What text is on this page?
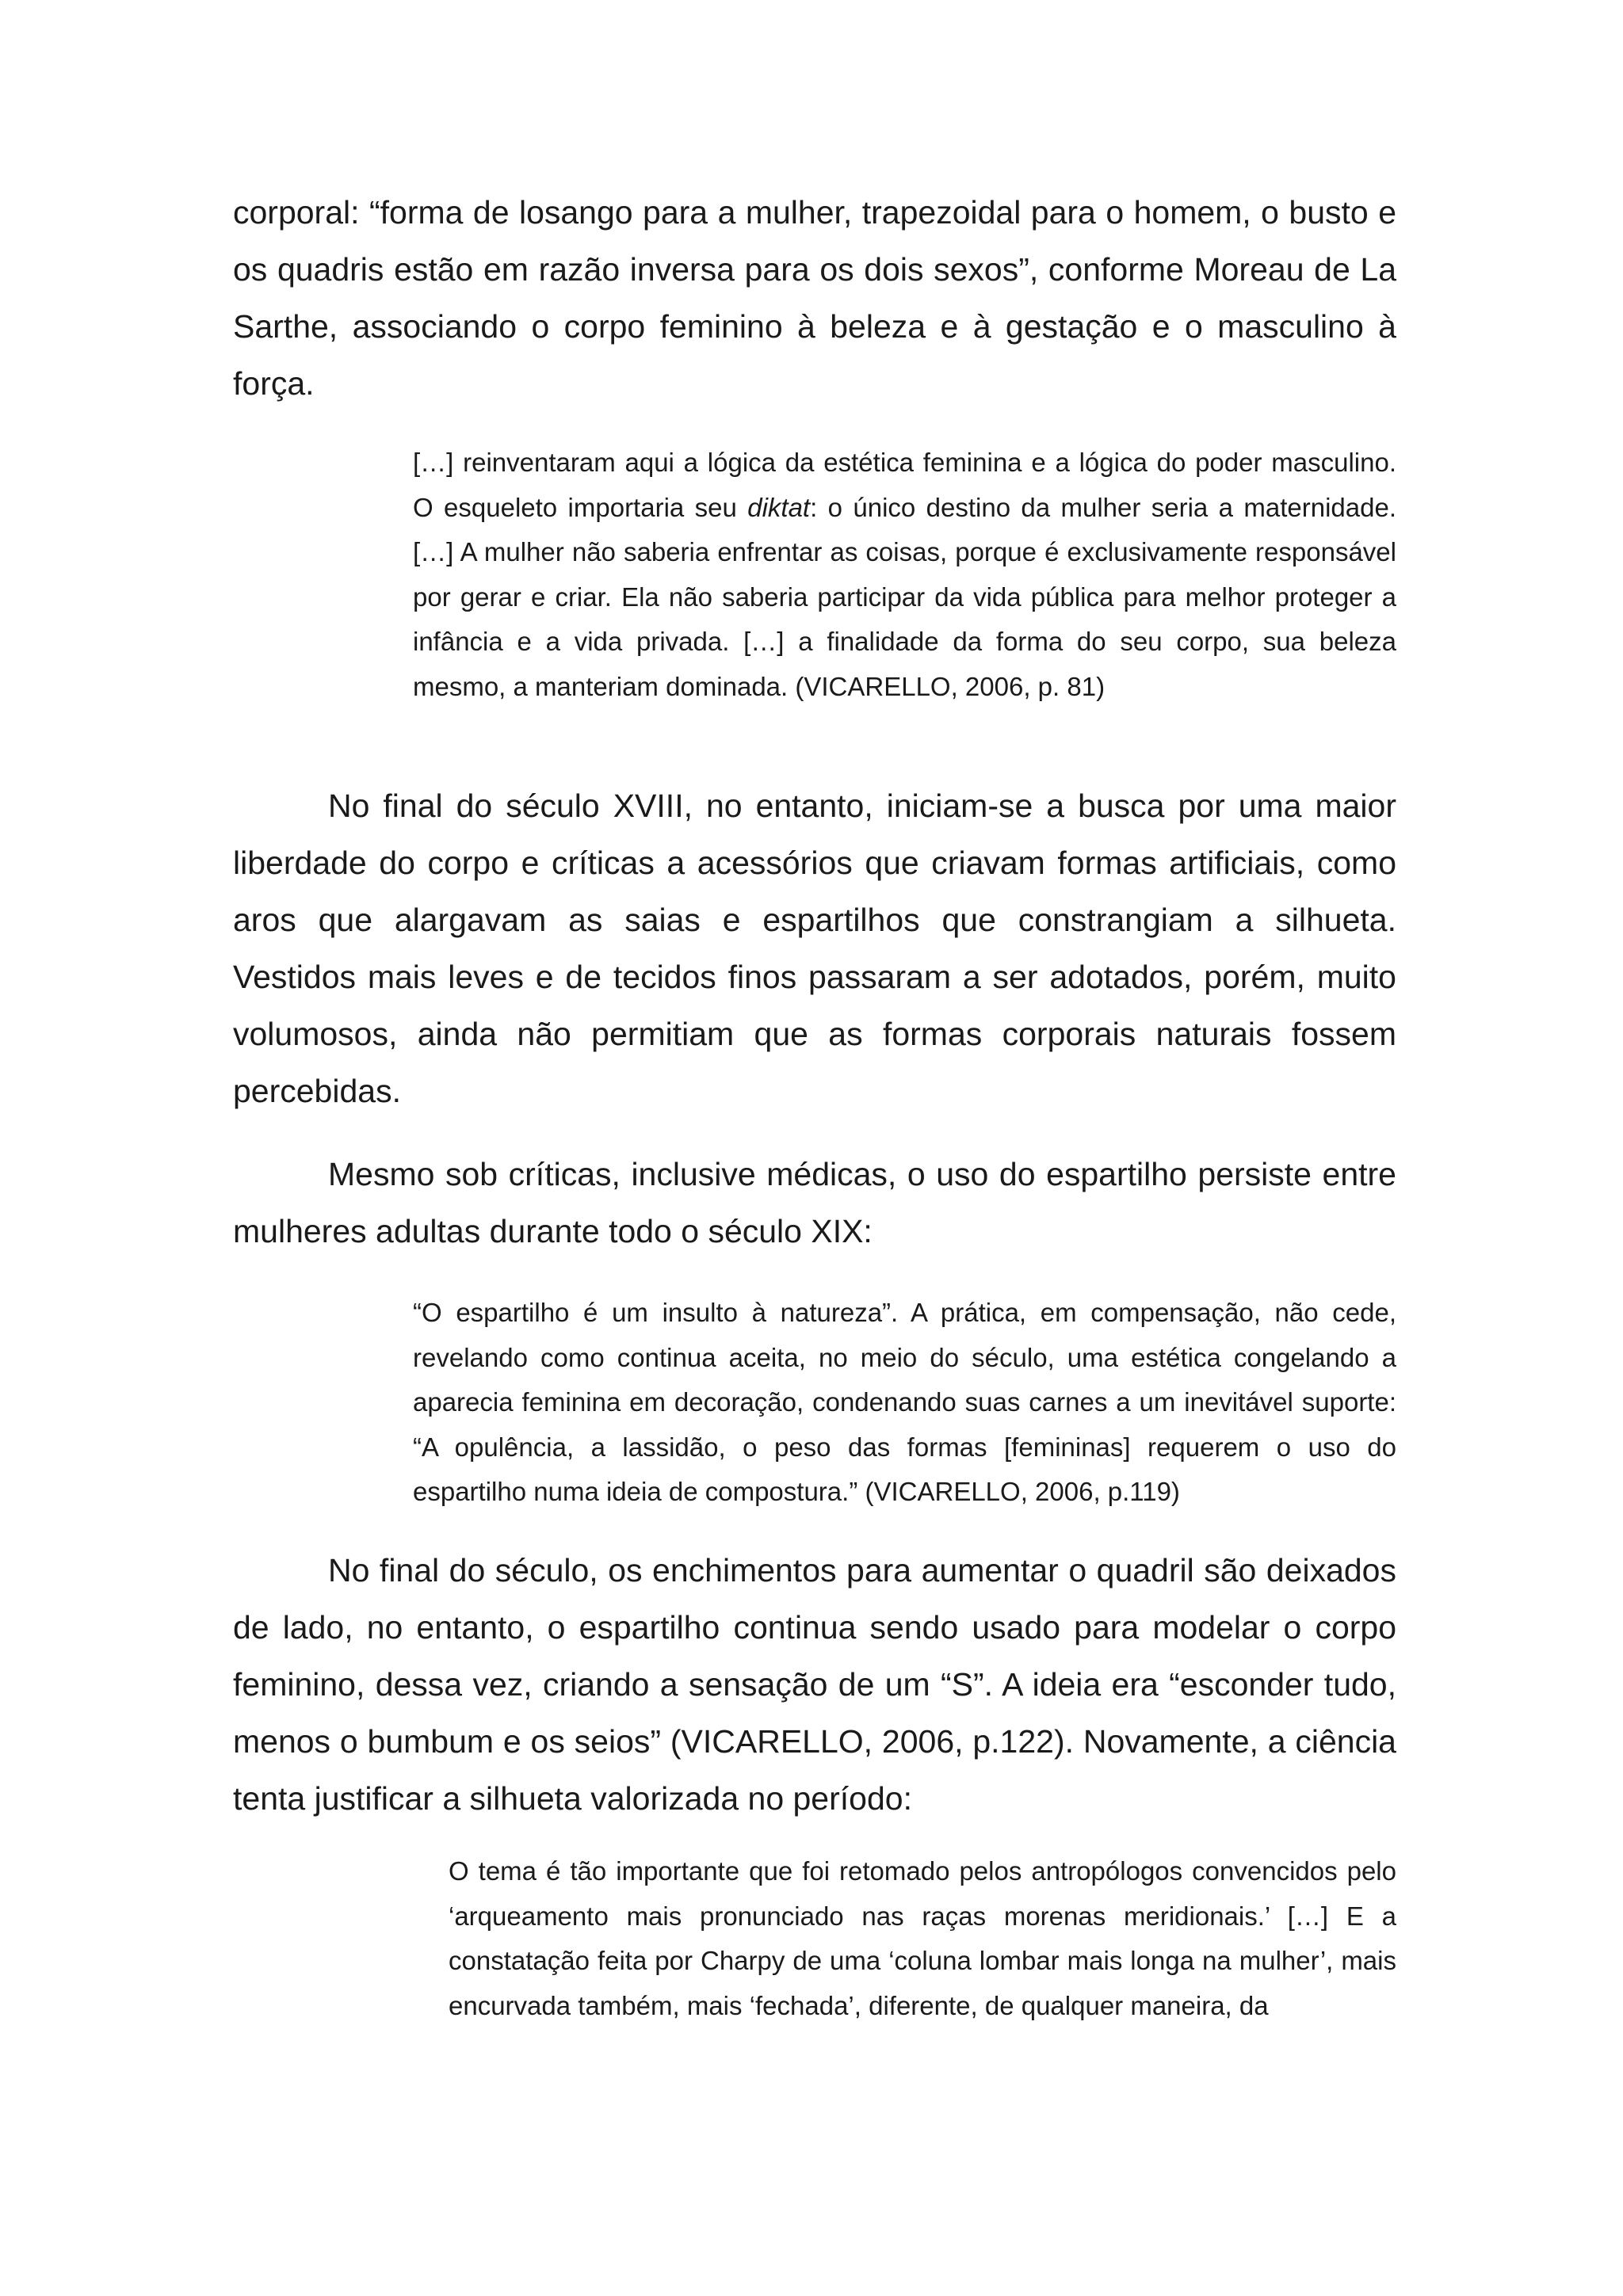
corporal: “forma de losango para a mulher, trapezoidal para o homem, o busto e os quadris estão em razão inversa para os dois sexos”, conforme Moreau de La Sarthe, associando o corpo feminino à beleza e à gestação e o masculino à força.

[…] reinventaram aqui a lógica da estética feminina e a lógica do poder masculino. O esqueleto importaria seu diktat: o único destino da mulher seria a maternidade. […] A mulher não saberia enfrentar as coisas, porque é exclusivamente responsável por gerar e criar. Ela não saberia participar da vida pública para melhor proteger a infância e a vida privada. […] a finalidade da forma do seu corpo, sua beleza mesmo, a manteriam dominada. (VICARELLO, 2006, p. 81)

No final do século XVIII, no entanto, iniciam-se a busca por uma maior liberdade do corpo e críticas a acessórios que criavam formas artificiais, como aros que alargavam as saias e espartilhos que constrangiam a silhueta. Vestidos mais leves e de tecidos finos passaram a ser adotados, porém, muito volumosos, ainda não permitiam que as formas corporais naturais fossem percebidas.

Mesmo sob críticas, inclusive médicas, o uso do espartilho persiste entre mulheres adultas durante todo o século XIX:

“O espartilho é um insulto à natureza”. A prática, em compensação, não cede, revelando como continua aceita, no meio do século, uma estética congelando a aparecia feminina em decoração, condenando suas carnes a um inevitável suporte: “A opulência, a lassidão, o peso das formas [femininas] requerem o uso do espartilho numa ideia de compostura.” (VICARELLO, 2006, p.119)

No final do século, os enchimentos para aumentar o quadril são deixados de lado, no entanto, o espartilho continua sendo usado para modelar o corpo feminino, dessa vez, criando a sensação de um “S”. A ideia era “esconder tudo, menos o bumbum e os seios” (VICARELLO, 2006, p.122). Novamente, a ciência tenta justificar a silhueta valorizada no período:

O tema é tão importante que foi retomado pelos antropólogos convencidos pelo ‘arqueamento mais pronunciado nas raças morenas meridionais.’ […] E a constatação feita por Charpy de uma ‘coluna lombar mais longa na mulher’, mais encurvada também, mais ‘fechada’, diferente, de qualquer maneira, da
